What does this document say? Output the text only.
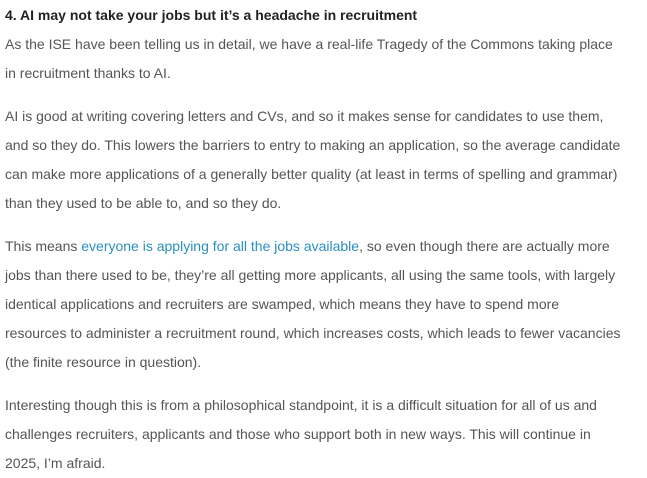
4. AI may not take your jobs but it’s a headache in recruitment

As the ISE have been telling us in detail, we have a real-life Tragedy of the Commons taking place
in recruitment thanks to AI.

AI is good at writing covering letters and CVs, and so it makes sense for candidates to use them,
and so they do. This lowers the barriers to entry to making an application, so the average candidate
can make more applications of a generally better quality (at least in terms of spelling and grammar)
than they used to be able to, and so they do.

This means everyone is applying for all the jobs available, so even though there are actually more
jobs than there used to be, they’re all getting more applicants, all using the same tools, with largely
identical applications and recruiters are swamped, which means they have to spend more
resources to administer a recruitment round, which increases costs, which leads to fewer vacancies
(the finite resource in question).

Interesting though this is from a philosophical standpoint, it is a difficult situation for all of us and
challenges recruiters, applicants and those who support both in new ways. This will continue in
2025, I’m afraid.
